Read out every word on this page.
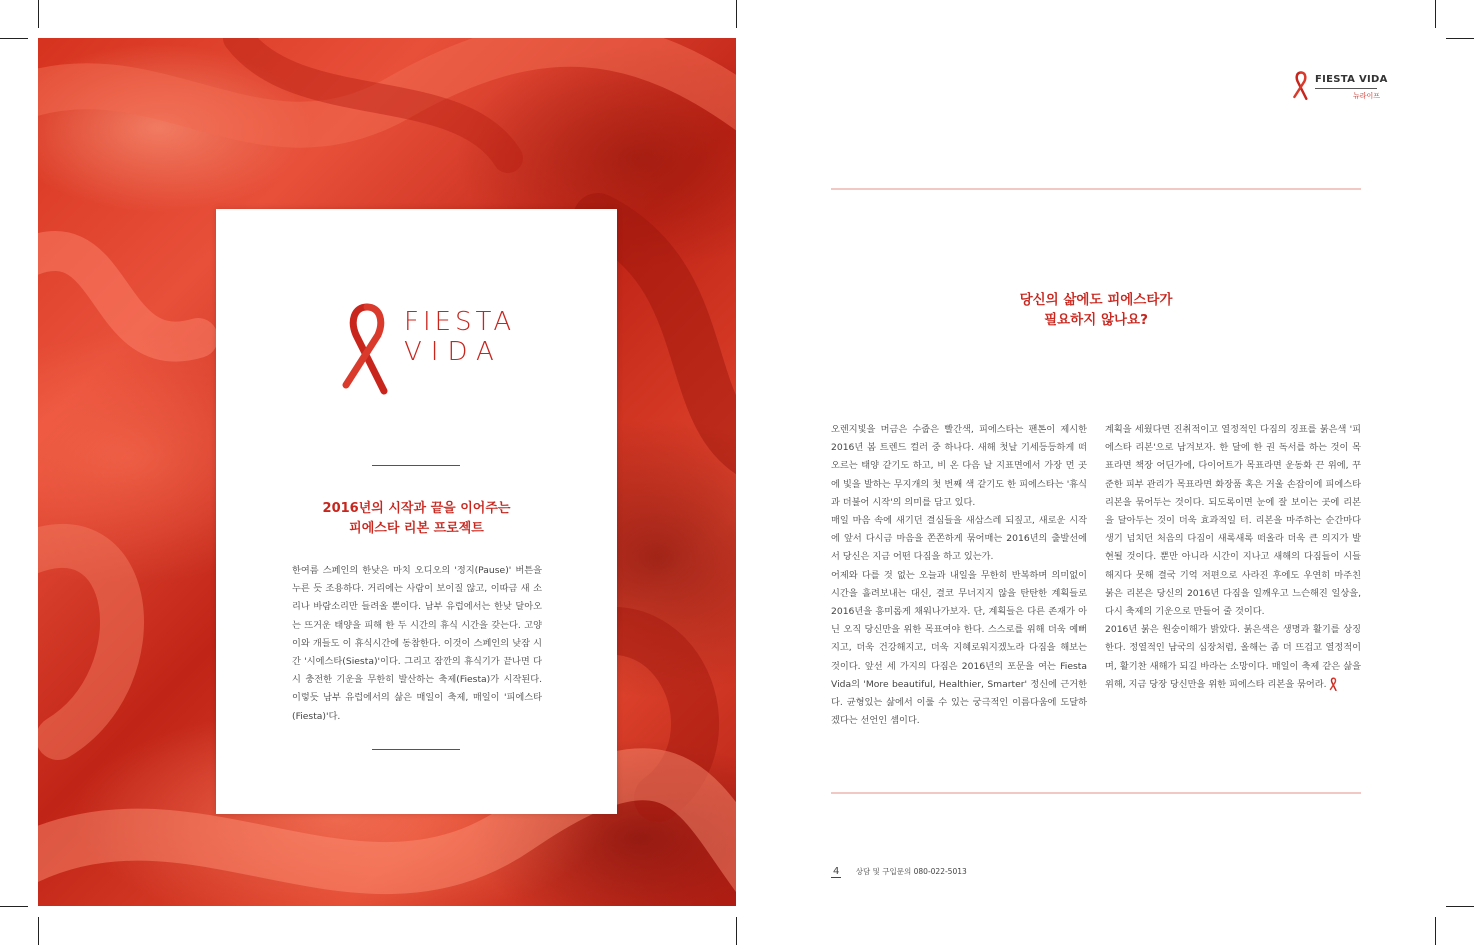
FIESTA
VIDA
2016년의 시작과 끝을 이어주는
피에스타 리본 프로젝트

한여름 스페인의 한낮은 마치 오디오의 '정지(Pause)' 버튼을 누른 듯 조용하다. 거리에는 사람이 보이질 않고, 이따금 새 소리나 바람소리만 들려올 뿐이다. 남부 유럽에서는 한낮 달아오는 뜨거운 태양을 피해 한 두 시간의 휴식 시간을 갖는다. 고양이와 개들도 이 휴식시간에 동참한다. 이것이 스페인의 낮잠 시간 '시에스타(Siesta)'이다. 그리고 잠깐의 휴식기가 끝나면 다시 충전한 기운을 무한히 발산하는 축제(Fiesta)가 시작된다. 이렇듯 남부 유럽에서의 삶은 매일이 축제, 매일이 '피에스타(Fiesta)'다.

FIESTA VIDA
뉴라이프
당신의 삶에도 피에스타가
필요하지 않나요?

오렌지빛을 머금은 수줍은 빨간색, 피에스타는 팬톤이 제시한 2016년 봄 트렌드 컬러 중 하나다. 새해 첫날 기세등등하게 떠오르는 태양 같기도 하고, 비 온 다음 날 지표면에서 가장 먼 곳에 빛을 발하는 무지개의 첫 번째 색 같기도 한 피에스타는 '휴식과 더불어 시작'의 의미를 담고 있다.

매일 마음 속에 새기던 결심들을 새삼스레 되짚고, 새로운 시작에 앞서 다시금 마음을 쫀쫀하게 묶어매는 2016년의 출발선에서 당신은 지금 어떤 다짐을 하고 있는가.

어제와 다를 것 없는 오늘과 내일을 무한히 반복하며 의미없이 시간을 흘려보내는 대신, 결코 무너지지 않을 탄탄한 계획들로 2016년을 흥미롭게 채워나가보자. 단, 계획들은 다른 존재가 아닌 오직 당신만을 위한 목표여야 한다. 스스로를 위해 더욱 예뻐지고, 더욱 건강해지고, 더욱 지혜로워지겠노라 다짐을 해보는 것이다. 앞선 세 가지의 다짐은 2016년의 포문을 여는 Fiesta Vida의 'More beautiful, Healthier, Smarter' 정신에 근거한다. 균형있는 삶에서 이룰 수 있는 궁극적인 이름다움에 도달하겠다는 선언인 셈이다.

계획을 세웠다면 진취적이고 열정적인 다짐의 징표를 붉은색 '피에스타 리본'으로 남겨보자. 한 달에 한 권 독서를 하는 것이 목표라면 책장 어딘가에, 다이어트가 목표라면 운동화 끈 위에, 꾸준한 피부 관리가 목표라면 화장품 혹은 거울 손잡이에 피에스타 리본을 묶어두는 것이다. 되도록이면 눈에 잘 보이는 곳에 리본을 달아두는 것이 더욱 효과적일 터. 리본을 마주하는 순간마다 생기 넘치던 처음의 다짐이 새록새록 떠올라 더욱 큰 의지가 발현될 것이다. 뿐만 아니라 시간이 지나고 새해의 다짐들이 시들해지다 못해 결국 기억 저편으로 사라진 후에도 우연히 마주친 붉은 리본은 당신의 2016년 다짐을 일깨우고 느슨해진 일상을, 다시 축제의 기운으로 만들어 줄 것이다.

2016년 붉은 원숭이해가 밝았다. 붉은색은 생명과 활기를 상징한다. 정열적인 남국의 심장처럼, 올해는 좀 더 뜨겁고 열정적이며, 활기찬 새해가 되길 바라는 소망이다. 매일이 축제 같은 삶을 위해, 지금 당장 당신만을 위한 피에스타 리본을 묶어라.

4 상담 및 구입문의 080-022-5013
